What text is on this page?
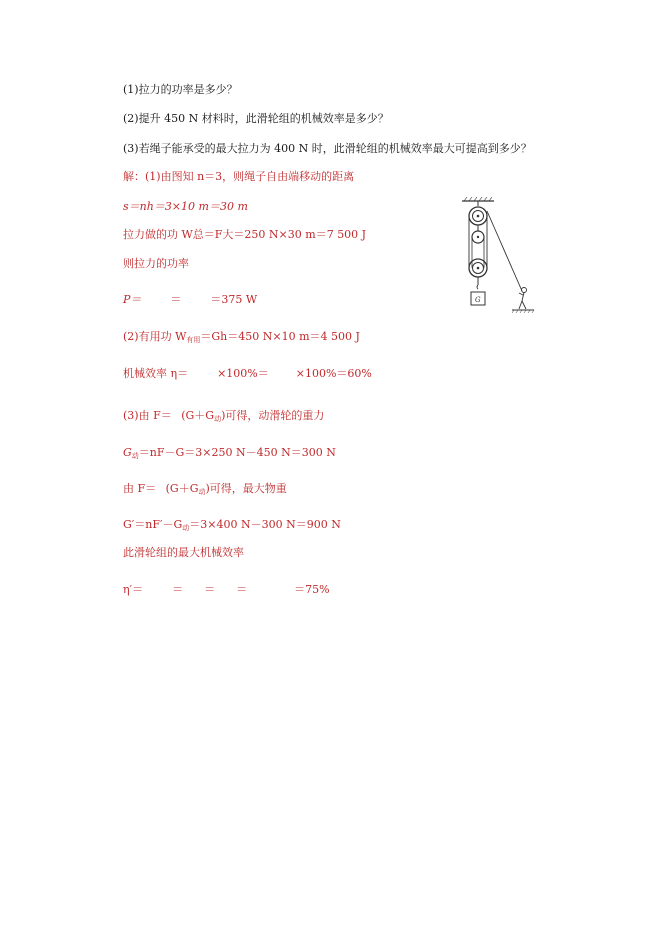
(1)拉力的功率是多少？
(2)提升 450 N 材料时，此滑轮组的机械效率是多少？
(3)若绳子能承受的最大拉力为 400 N 时，此滑轮组的机械效率最大可提高到多少？
解：(1)由图知 n＝3，则绳子自由端移动的距离
s＝nh＝3×10 m＝30 m
拉力做的功 W总＝F大＝250 N×30 m＝7 500 J
则拉力的功率
P＝	＝	＝375 W
(2)有用功 $W_{有用}=Gh=450$ N×10 m＝4 500 J
机械效率 η＝	×100%＝ ×100%＝60%
(3)由 $F= (G+G_动)$可得，动滑轮的重力
$G_动=nF-G=3\times 250$ N－450 N＝300 N
由 $F= (G+G_动)$可得，最大物重
$G'=nF'-G_动=3\times 400$ N－300 N＝900 N
此滑轮组的最大机械效率
η′＝	＝ ＝ ＝	＝75%
G
